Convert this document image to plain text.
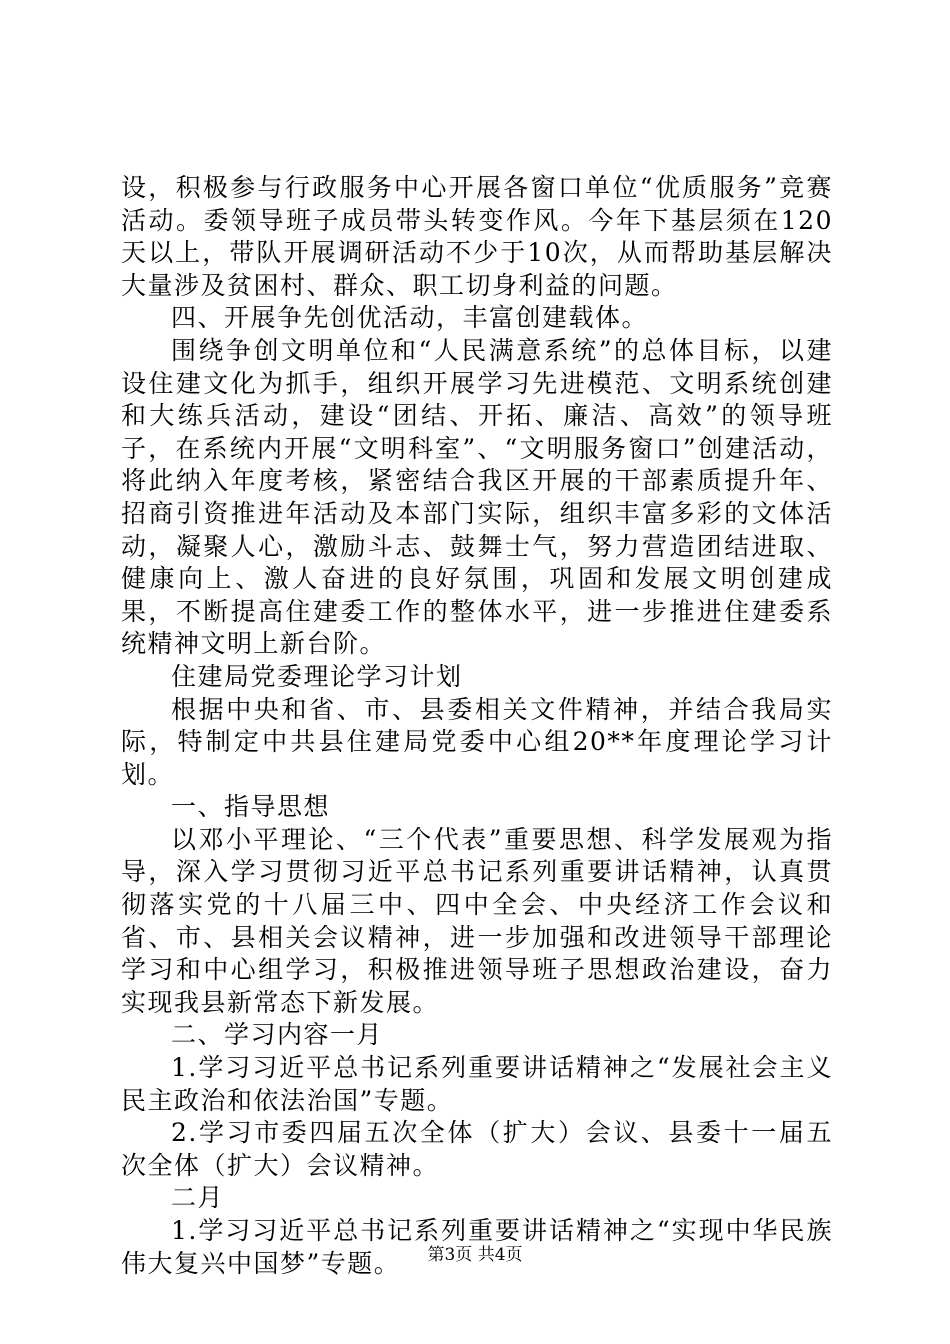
设，积极参与行政服务中心开展各窗口单位“优质服务”竞赛活动。委领导班子成员带头转变作风。今年下基层须在120天以上，带队开展调研活动不少于10次，从而帮助基层解决大量涉及贫困村、群众、职工切身利益的问题。

四、开展争先创优活动，丰富创建载体。

围绕争创文明单位和“人民满意系统”的总体目标，以建设住建文化为抓手，组织开展学习先进模范、文明系统创建和大练兵活动，建设“团结、开拓、廉洁、高效”的领导班子，在系统内开展“文明科室”、“文明服务窗口”创建活动，将此纳入年度考核，紧密结合我区开展的干部素质提升年、招商引资推进年活动及本部门实际，组织丰富多彩的文体活动，凝聚人心，激励斗志、鼓舞士气，努力营造团结进取、健康向上、激人奋进的良好氛围，巩固和发展文明创建成果，不断提高住建委工作的整体水平，进一步推进住建委系统精神文明上新台阶。

住建局党委理论学习计划

根据中央和省、市、县委相关文件精神，并结合我局实际，特制定中共县住建局党委中心组20**年度理论学习计划。

一、指导思想

以邓小平理论、“三个代表”重要思想、科学发展观为指导，深入学习贯彻习近平总书记系列重要讲话精神，认真贯彻落实党的十八届三中、四中全会、中央经济工作会议和省、市、县相关会议精神，进一步加强和改进领导干部理论学习和中心组学习，积极推进领导班子思想政治建设，奋力实现我县新常态下新发展。

二、学习内容一月

1.学习习近平总书记系列重要讲话精神之“发展社会主义民主政治和依法治国”专题。

2.学习市委四届五次全体（扩大）会议、县委十一届五次全体（扩大）会议精神。

二月

1.学习习近平总书记系列重要讲话精神之“实现中华民族伟大复兴中国梦”专题。	第3页 共4页
